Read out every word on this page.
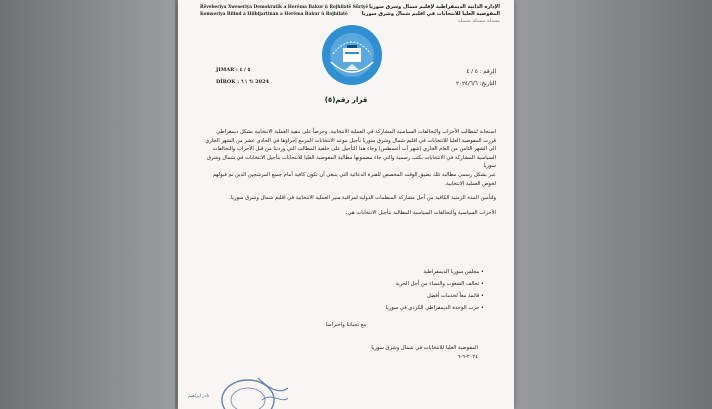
Rêveberiya Xweseriya Demokratîk a Herêma Bakur û Rojhilatê Sûriyê
Komseriya Bilind a Hilbijartinan a Herêma Bakur û Rojhilatê
الإدارة الذاتية الديمقراطية لإقليم شمال وشرق سوريا
المفوضية العليا للانتخابات في اقليم شمال وشرق سوريا
مستلة مستلة مستلة
JIMAR : ٥ / ٤
DÎROK : ٦ \ ٦\ 2024
الرقم : ٥ / ٤
التاريخ: ٢٠٢٤/٦/٦
قرار رقم(٥)

استجابة لمطالب الأحزاب والتحالفات السياسية المشاركة في العملية الانتخابية، وحرصاً على تنفيذ العملية الانتخابية بشكل ديمقراطي قررت المفوضية العليا للانتخابات في اقليم شمال وشرق سوريا تأجيل موعد الانتخابات المزمع إجراؤها في الحادي عشر من الشهر الجاري الى الشهر الثامن من العام الجاري (شهر آب أغسطس) وجاء هذا التأجيل على خلفية المطالب التي وردتنا من قبل الأحزاب والتحالفات السياسية المشاركة في الانتخابات بكتب رسمية والتي جاء مضمونها مطالبة المفوضية العليا للانتخابات بتأجيل الانتخابات في شمال وشرق سوريا

عبر بشكل رسمي مطالبة تلك بضيق الوقت المخصص للفترة الدعائية التي ينبغي أن تكون كافية أمام جميع المرشحين الذين تم قبولهم لخوض العملية الانتخابية.

ولتأمين المدة الزمنية الكافية من أجل مشاركة المنظمات الدولية لمراقبة سير العملية الانتخابية في اقليم شمال وشرق سوريا.

الأحزاب السياسية والتحالفات السياسية المطالبة بتأجيل الانتخابات هي:

• مجلس سوريا الديمقراطية
• تحالف الشعوب والنساء من أجل الحرية
• قائمة معاً لخدمات أفضل
• حزب الوحدة الديمقراطي الكردي في سوريا
مع تحياتنا واحترامنا
المفوضية العليا للانتخابات في شمال وشرق سوريا
٢٠٢٤-٦-٦
نادر ابراهيم
